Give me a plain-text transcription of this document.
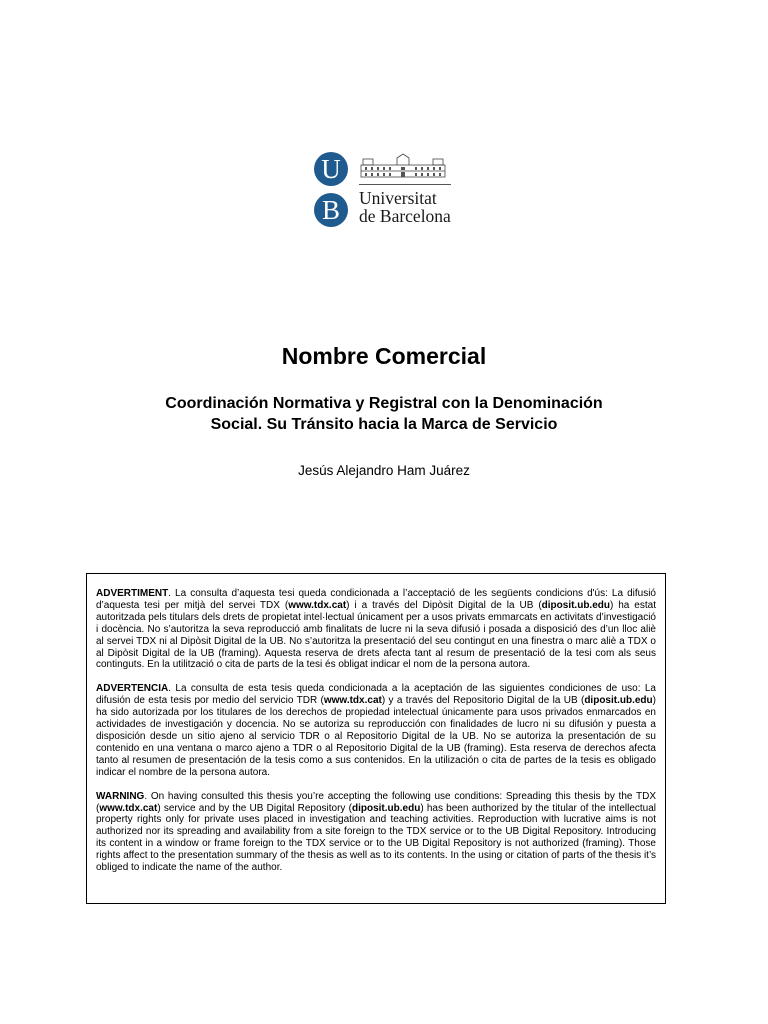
U
B	Universitat
de Barcelona
Nombre Comercial
Coordinación Normativa y Registral con la Denominación
Social. Su Tránsito hacia la Marca de Servicio
Jesús Alejandro Ham Juárez

ADVERTIMENT. La consulta d’aquesta tesi queda condicionada a l’acceptació de les següents condicions d'ús: La difusió d’aquesta tesi per mitjà del servei TDX (www.tdx.cat) i a través del Dipòsit Digital de la UB (diposit.ub.edu) ha estat autoritzada pels titulars dels drets de propietat intel·lectual únicament per a usos privats emmarcats en activitats d’investigació i docència. No s’autoritza la seva reproducció amb finalitats de lucre ni la seva difusió i posada a disposició des d’un lloc aliè al servei TDX ni al Dipòsit Digital de la UB. No s’autoritza la presentació del seu contingut en una finestra o marc aliè a TDX o al Dipòsit Digital de la UB (framing). Aquesta reserva de drets afecta tant al resum de presentació de la tesi com als seus continguts. En la utilització o cita de parts de la tesi és obligat indicar el nom de la persona autora.

ADVERTENCIA. La consulta de esta tesis queda condicionada a la aceptación de las siguientes condiciones de uso: La difusión de esta tesis por medio del servicio TDR (www.tdx.cat) y a través del Repositorio Digital de la UB (diposit.ub.edu) ha sido autorizada por los titulares de los derechos de propiedad intelectual únicamente para usos privados enmarcados en actividades de investigación y docencia. No se autoriza su reproducción con finalidades de lucro ni su difusión y puesta a disposición desde un sitio ajeno al servicio TDR o al Repositorio Digital de la UB. No se autoriza la presentación de su contenido en una ventana o marco ajeno a TDR o al Repositorio Digital de la UB (framing). Esta reserva de derechos afecta tanto al resumen de presentación de la tesis como a sus contenidos. En la utilización o cita de partes de la tesis es obligado indicar el nombre de la persona autora.

WARNING. On having consulted this thesis you’re accepting the following use conditions: Spreading this thesis by the TDX (www.tdx.cat) service and by the UB Digital Repository (diposit.ub.edu) has been authorized by the titular of the intellectual property rights only for private uses placed in investigation and teaching activities. Reproduction with lucrative aims is not authorized nor its spreading and availability from a site foreign to the TDX service or to the UB Digital Repository. Introducing its content in a window or frame foreign to the TDX service or to the UB Digital Repository is not authorized (framing). Those rights affect to the presentation summary of the thesis as well as to its contents. In the using or citation of parts of the thesis it’s obliged to indicate the name of the author.
